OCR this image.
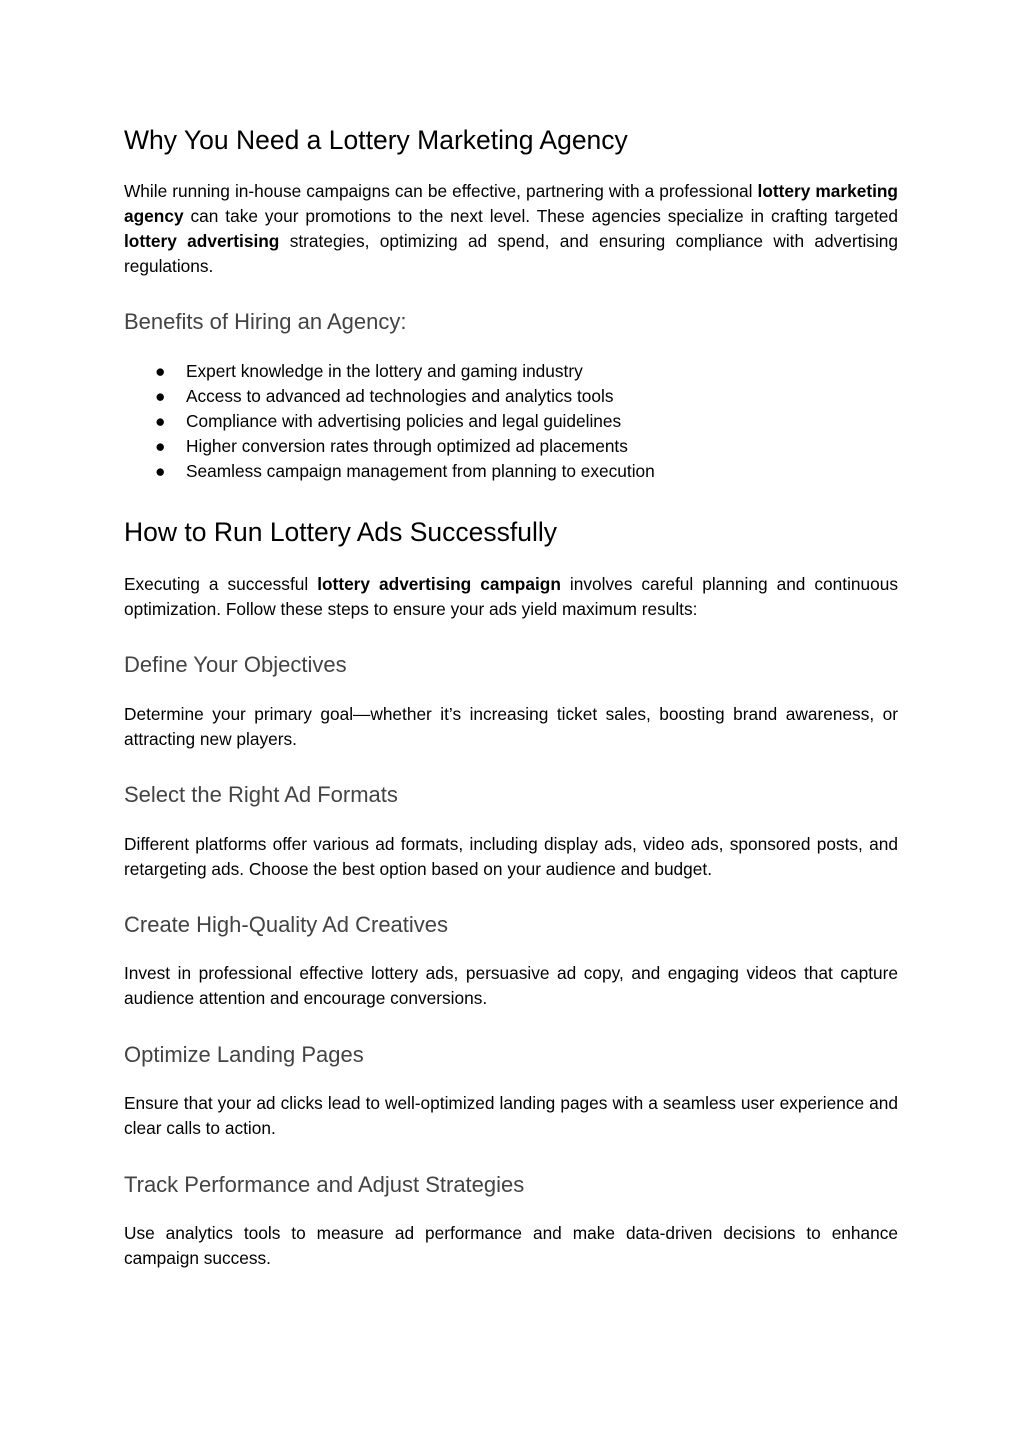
Why You Need a Lottery Marketing Agency

While running in-house campaigns can be effective, partnering with a professional lottery marketing agency can take your promotions to the next level. These agencies specialize in crafting targeted lottery advertising strategies, optimizing ad spend, and ensuring compliance with advertising regulations.

Benefits of Hiring an Agency:
● Expert knowledge in the lottery and gaming industry
● Access to advanced ad technologies and analytics tools
● Compliance with advertising policies and legal guidelines
● Higher conversion rates through optimized ad placements
● Seamless campaign management from planning to execution
How to Run Lottery Ads Successfully

Executing a successful lottery advertising campaign involves careful planning and continuous optimization. Follow these steps to ensure your ads yield maximum results:

Define Your Objectives

Determine your primary goal—whether it’s increasing ticket sales, boosting brand awareness, or attracting new players.

Select the Right Ad Formats

Different platforms offer various ad formats, including display ads, video ads, sponsored posts, and retargeting ads. Choose the best option based on your audience and budget.

Create High-Quality Ad Creatives

Invest in professional effective lottery ads, persuasive ad copy, and engaging videos that capture audience attention and encourage conversions.

Optimize Landing Pages

Ensure that your ad clicks lead to well-optimized landing pages with a seamless user experience and clear calls to action.

Track Performance and Adjust Strategies

Use analytics tools to measure ad performance and make data-driven decisions to enhance campaign success.
